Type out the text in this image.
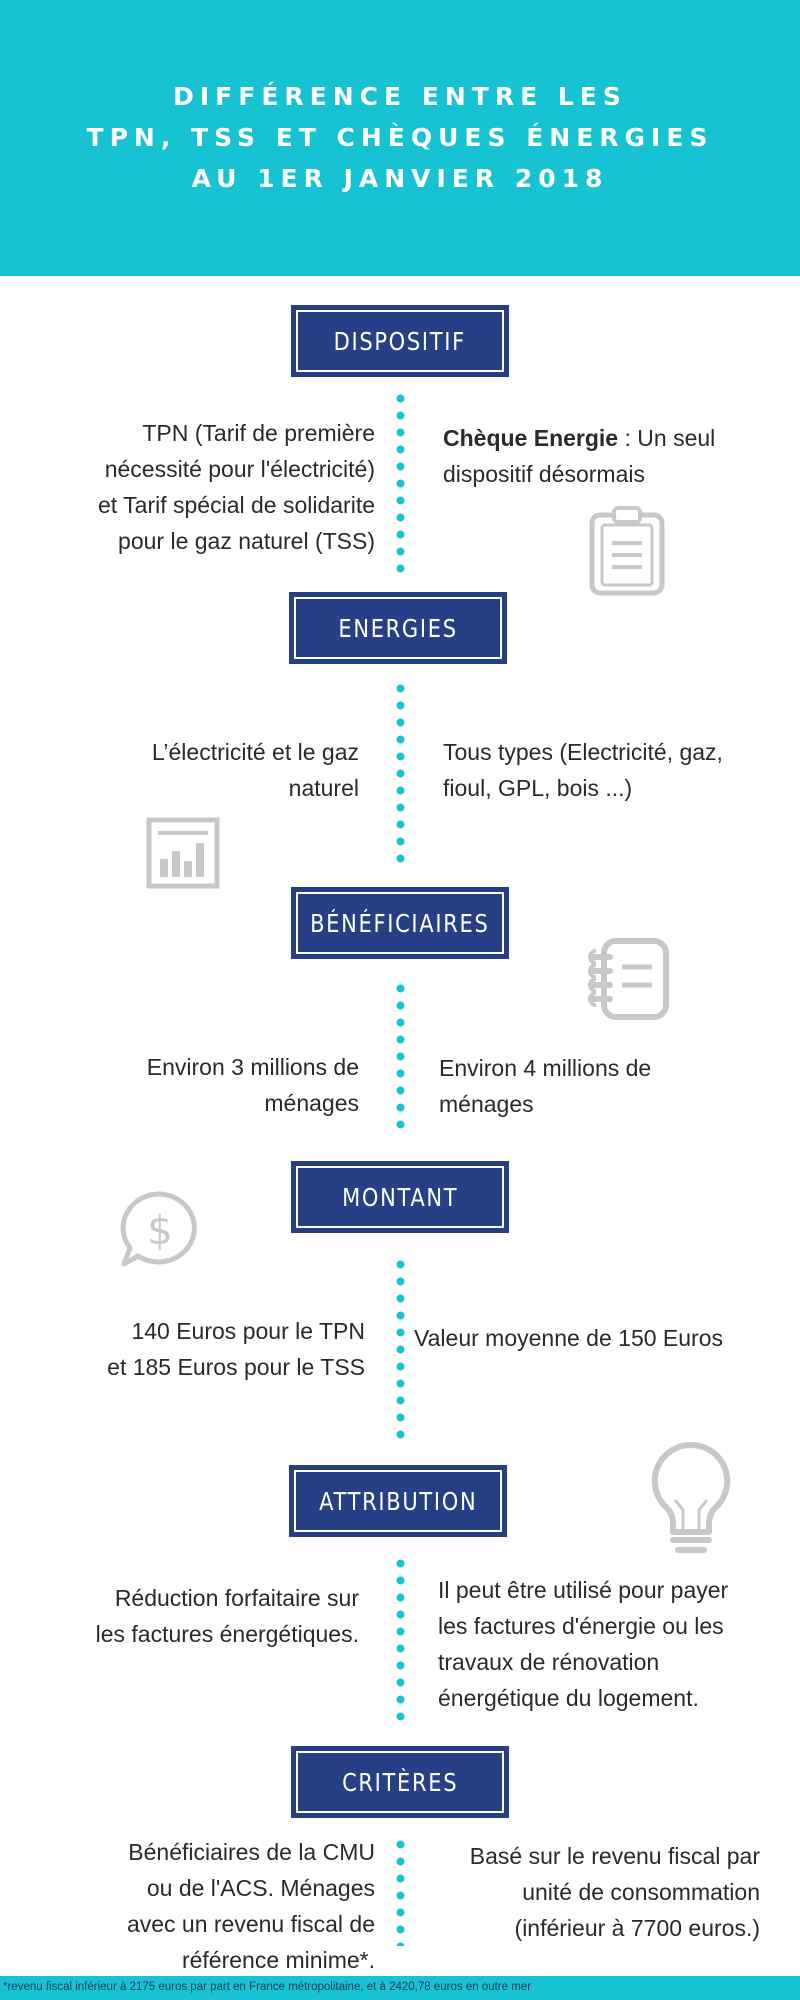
DIFFÉRENCE ENTRE LES
TPN, TSS ET CHÈQUES ÉNERGIES
AU 1ER JANVIER 2018
DISPOSITIF
TPN (Tarif de première
nécessité pour l'électricité)
et Tarif spécial de solidarite
pour le gaz naturel (TSS)
Chèque Energie : Un seul
dispositif désormais
ENERGIES
L’électricité et le gaz
naturel
Tous types (Electricité, gaz,
fioul, GPL, bois ...)
BÉNÉFICIAIRES
Environ 3 millions de
ménages
Environ 4 millions de
ménages
MONTANT
140 Euros pour le TPN
et 185 Euros pour le TSS
Valeur moyenne de 150 Euros
$
ATTRIBUTION
Réduction forfaitaire sur
les factures énergétiques.
Il peut être utilisé pour payer
les factures d'énergie ou les
travaux de rénovation
énergétique du logement.
CRITÈRES
Bénéficiaires de la CMU
ou de l'ACS. Ménages
avec un revenu fiscal de
référence minime*.
Basé sur le revenu fiscal par
unité de consommation
(inférieur à 7700 euros.)
*revenu fiscal inférieur à 2175 euros par part en France métropolitaine, et à 2420,78 euros en outre mer
